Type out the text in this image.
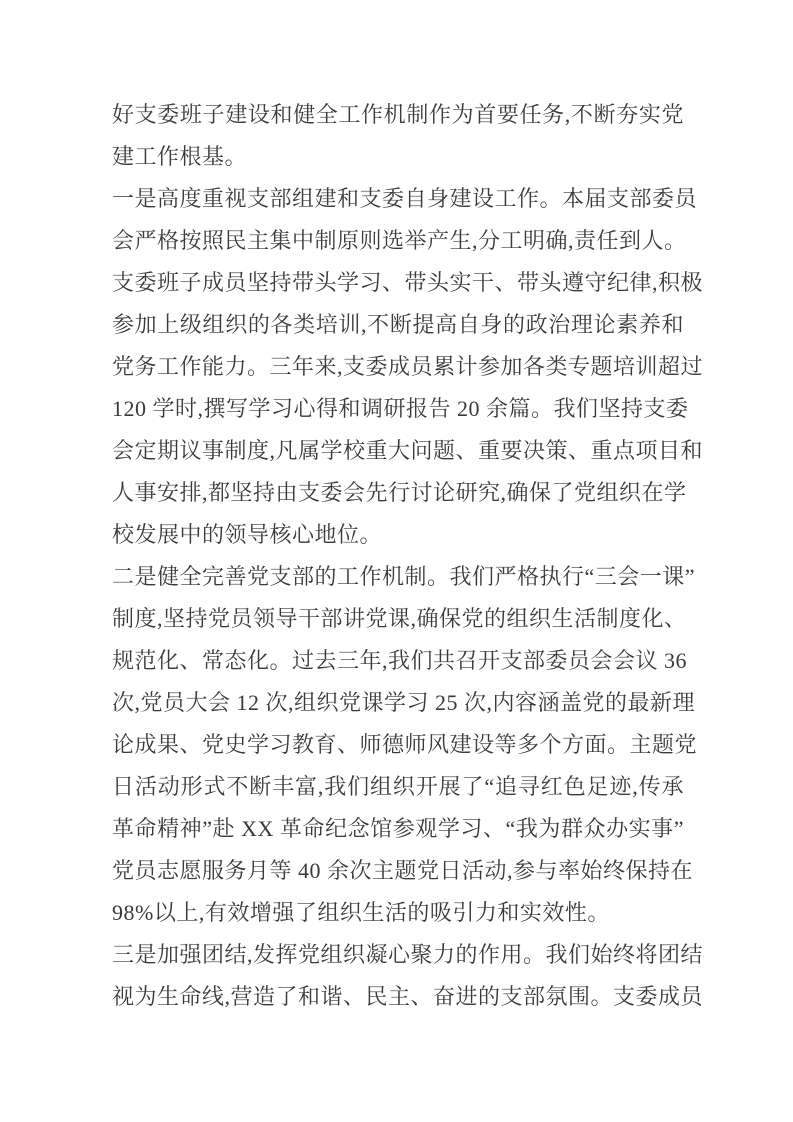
好支委班子建设和健全工作机制作为首要任务,不断夯实党
建工作根基。

一是高度重视支部组建和支委自身建设工作。本届支部委员
会严格按照民主集中制原则选举产生,分工明确,责任到人。
支委班子成员坚持带头学习、带头实干、带头遵守纪律,积极
参加上级组织的各类培训,不断提高自身的政治理论素养和
党务工作能力。三年来,支委成员累计参加各类专题培训超过
120 学时,撰写学习心得和调研报告 20 余篇。我们坚持支委
会定期议事制度,凡属学校重大问题、重要决策、重点项目和
人事安排,都坚持由支委会先行讨论研究,确保了党组织在学
校发展中的领导核心地位。

二是健全完善党支部的工作机制。我们严格执行“三会一课”
制度,坚持党员领导干部讲党课,确保党的组织生活制度化、
规范化、常态化。过去三年,我们共召开支部委员会会议 36
次,党员大会 12 次,组织党课学习 25 次,内容涵盖党的最新理
论成果、党史学习教育、师德师风建设等多个方面。主题党
日活动形式不断丰富,我们组织开展了“追寻红色足迹,传承
革命精神”赴 XX 革命纪念馆参观学习、“我为群众办实事”
党员志愿服务月等 40 余次主题党日活动,参与率始终保持在
98%以上,有效增强了组织生活的吸引力和实效性。

三是加强团结,发挥党组织凝心聚力的作用。我们始终将团结
视为生命线,营造了和谐、民主、奋进的支部氛围。支委成员
